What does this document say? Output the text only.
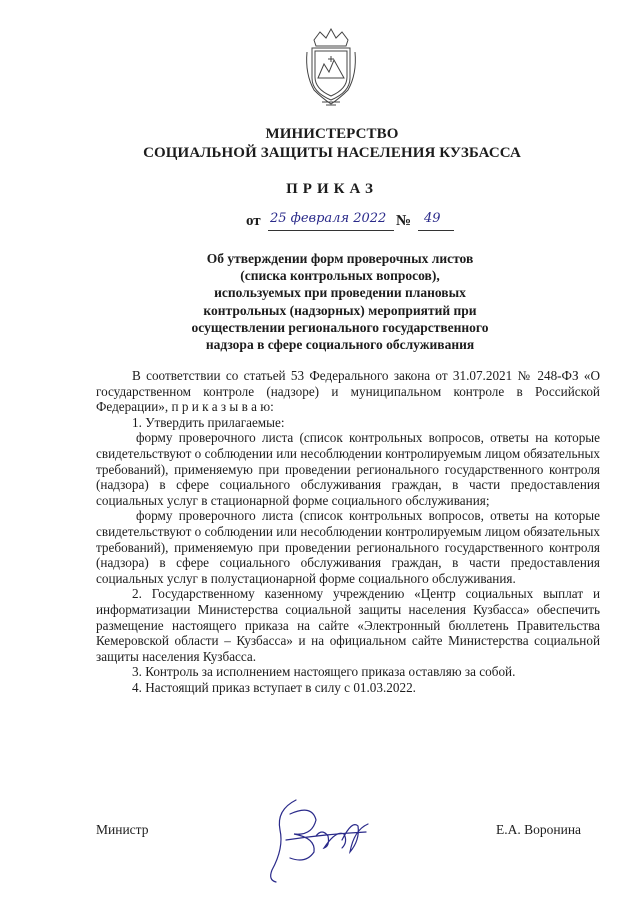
МИНИСТЕРСТВО
СОЦИАЛЬНОЙ ЗАЩИТЫ НАСЕЛЕНИЯ КУЗБАССА
ПРИКАЗ
от 25 февраля 2022 № 49
Об утверждении форм проверочных листов
(списка контрольных вопросов),
используемых при проведении плановых
контрольных (надзорных) мероприятий при
осуществлении регионального государственного
надзора в сфере социального обслуживания

В соответствии со статьей 53 Федерального закона от 31.07.2021 № 248-ФЗ «О государственном контроле (надзоре) и муниципальном контроле в Российской Федерации», п р и к а з ы в а ю:

1. Утвердить прилагаемые:

форму проверочного листа (список контрольных вопросов, ответы на которые свидетельствуют о соблюдении или несоблюдении контролируемым лицом обязательных требований), применяемую при проведении регионального государственного контроля (надзора) в сфере социального обслуживания граждан, в части предоставления социальных услуг в стационарной форме социального обслуживания;

форму проверочного листа (список контрольных вопросов, ответы на которые свидетельствуют о соблюдении или несоблюдении контролируемым лицом обязательных требований), применяемую при проведении регионального государственного контроля (надзора) в сфере социального обслуживания граждан, в части предоставления социальных услуг в полустационарной форме социального обслуживания.

2. Государственному казенному учреждению «Центр социальных выплат и информатизации Министерства социальной защиты населения Кузбасса» обеспечить размещение настоящего приказа на сайте «Электронный бюллетень Правительства Кемеровской области – Кузбасса» и на официальном сайте Министерства социальной защиты населения Кузбасса.

3. Контроль за исполнением настоящего приказа оставляю за собой.

4. Настоящий приказ вступает в силу с 01.03.2022.

Министр	Е.А. Воронина
